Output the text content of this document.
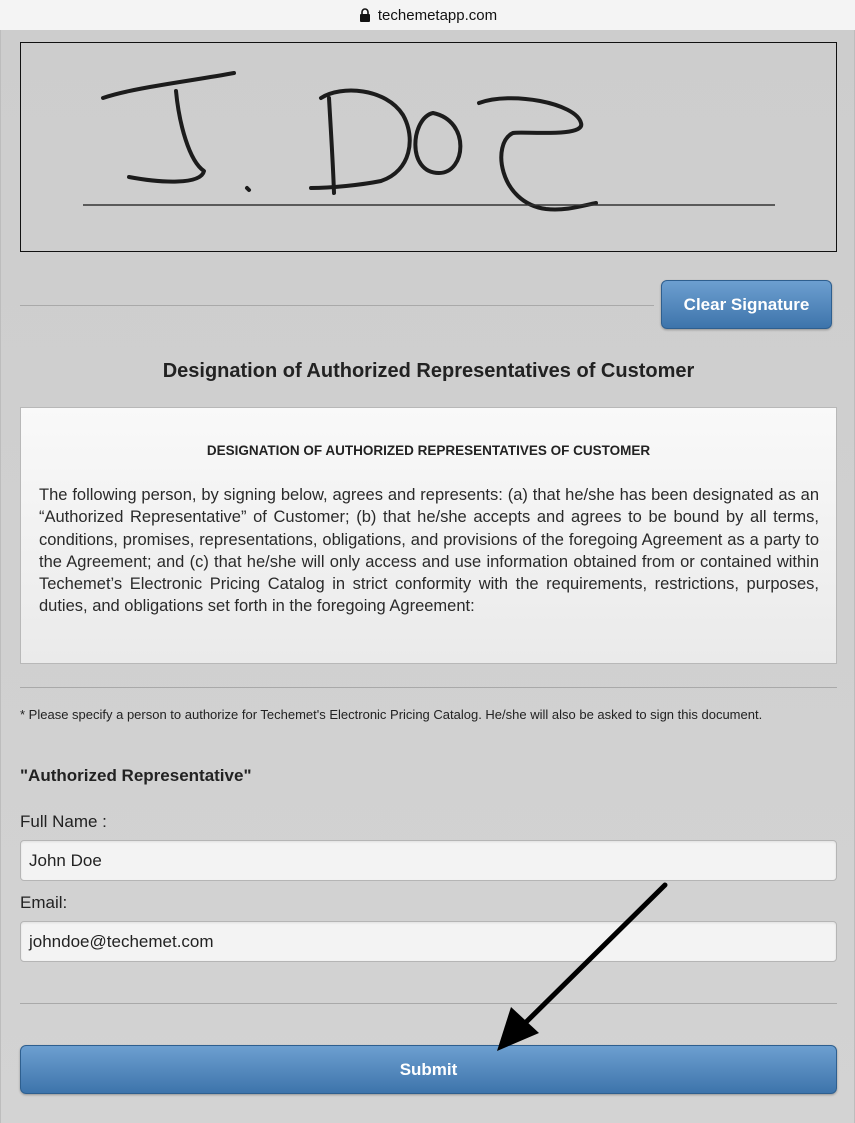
techemetapp.com
Clear Signature
Designation of Authorized Representatives of Customer
DESIGNATION OF AUTHORIZED REPRESENTATIVES OF CUSTOMER
The following person, by signing below, agrees and represents: (a) that he/she has been designated as an “Authorized Representative” of Customer; (b) that he/she accepts and agrees to be bound by all terms, conditions, promises, representations, obligations, and provisions of the foregoing Agreement as a party to the Agreement; and (c) that he/she will only access and use information obtained from or contained within Techemet’s Electronic Pricing Catalog in strict conformity with the requirements, restrictions, purposes, duties, and obligations set forth in the foregoing Agreement:
* Please specify a person to authorize for Techemet's Electronic Pricing Catalog. He/she will also be asked to sign this document.
"Authorized Representative"
Full Name :
John Doe
Email:
johndoe@techemet.com
Submit
